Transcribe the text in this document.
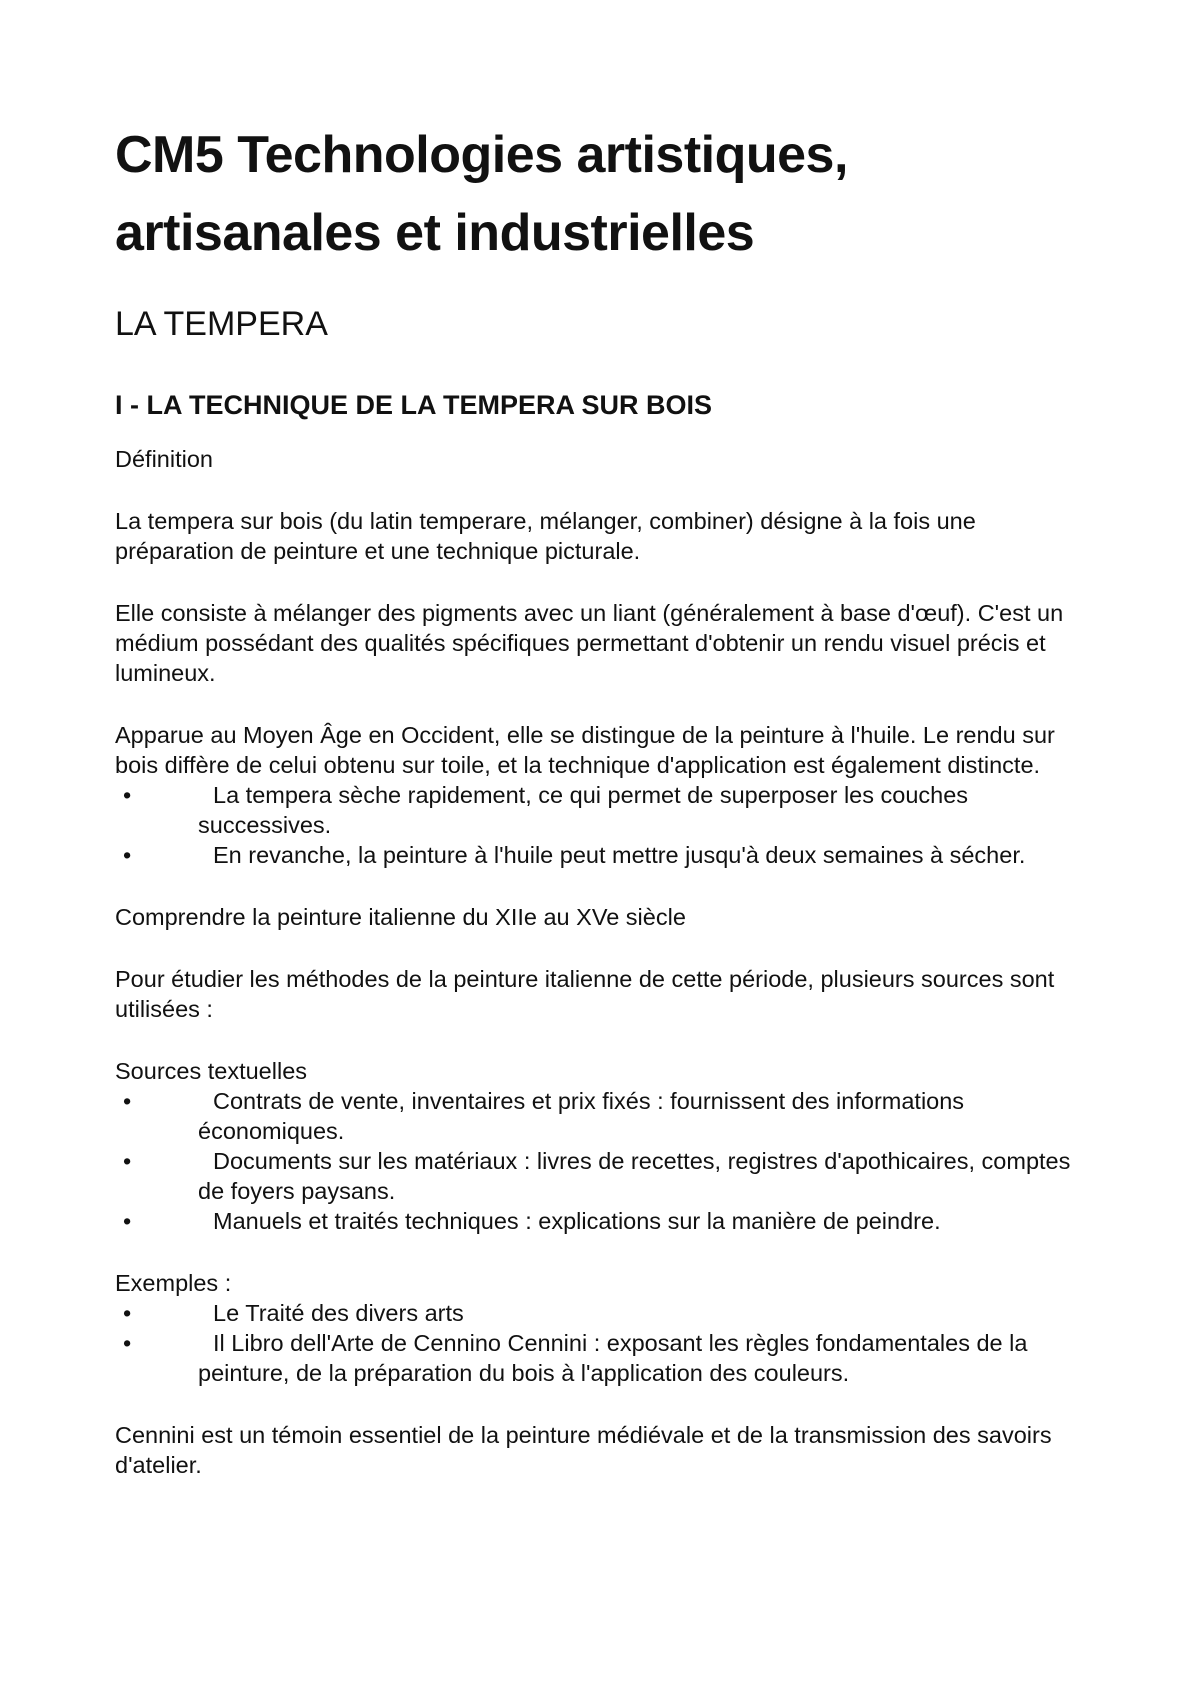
CM5 Technologies artistiques,
artisanales et industrielles
LA TEMPERA
I - LA TECHNIQUE DE LA TEMPERA SUR BOIS

Définition

La tempera sur bois (du latin temperare, mélanger, combiner) désigne à la fois une préparation de peinture et une technique picturale.

Elle consiste à mélanger des pigments avec un liant (généralement à base d'œuf). C'est un médium possédant des qualités spécifiques permettant d'obtenir un rendu visuel précis et lumineux.

Apparue au Moyen Âge en Occident, elle se distingue de la peinture à l'huile. Le rendu sur bois diffère de celui obtenu sur toile, et la technique d'application est également distincte.

•	La tempera sèche rapidement, ce qui permet de superposer les couches successives.
•	En revanche, la peinture à l'huile peut mettre jusqu'à deux semaines à sécher.

Comprendre la peinture italienne du XIIe au XVe siècle

Pour étudier les méthodes de la peinture italienne de cette période, plusieurs sources sont utilisées :

Sources textuelles

•	Contrats de vente, inventaires et prix fixés : fournissent des informations économiques.
•	Documents sur les matériaux : livres de recettes, registres d'apothicaires, comptes de foyers paysans.
•	Manuels et traités techniques : explications sur la manière de peindre.

Exemples :

•	Le Traité des divers arts
•	Il Libro dell'Arte de Cennino Cennini : exposant les règles fondamentales de la peinture, de la préparation du bois à l'application des couleurs.

Cennini est un témoin essentiel de la peinture médiévale et de la transmission des savoirs d'atelier.
